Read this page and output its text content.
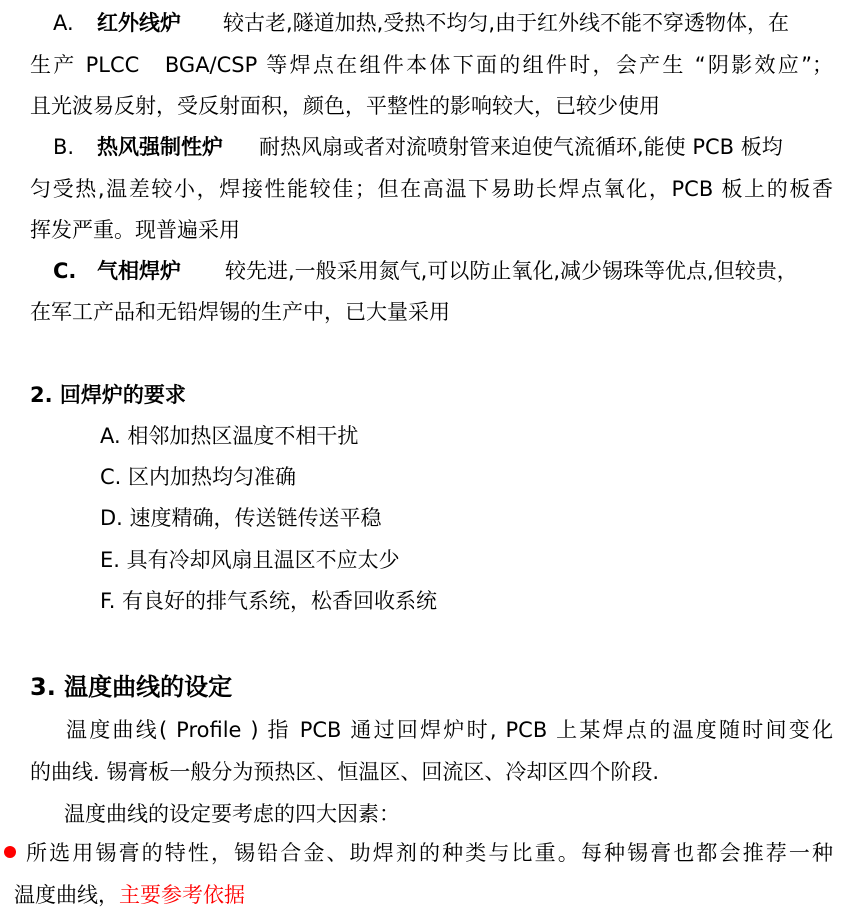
A. 红外线炉 较古老,隧道加热,受热不均匀,由于红外线不能不穿透物体，在
生产 PLCC　BGA/CSP 等焊点在组件本体下面的组件时，会产生 “阴影效应”；
且光波易反射，受反射面积，颜色，平整性的影响较大，已较少使用
B. 热风强制性炉 耐热风扇或者对流喷射管来迫使气流循环,能使 PCB 板均
匀受热,温差较小，焊接性能较佳；但在高温下易助长焊点氧化，PCB 板上的板香
挥发严重。现普遍采用
C. 气相焊炉 较先进,一般采用氮气,可以防止氧化,减少锡珠等优点,但较贵，
在军工产品和无铅焊锡的生产中，已大量采用
2. 回焊炉的要求
A. 相邻加热区温度不相干扰
C. 区内加热均匀准确
D. 速度精确，传送链传送平稳
E. 具有冷却风扇且温区不应太少
F. 有良好的排气系统，松香回收系统
3. 温度曲线的设定
温度曲线( Profile ) 指 PCB 通过回焊炉时, PCB 上某焊点的温度随时间变化
的曲线. 锡膏板一般分为预热区、恒温区、回流区、冷却区四个阶段.
温度曲线的设定要考虑的四大因素：
所选用锡膏的特性，锡铅合金、助焊剂的种类与比重。每种锡膏也都会推荐一种
温度曲线，主要参考依据
